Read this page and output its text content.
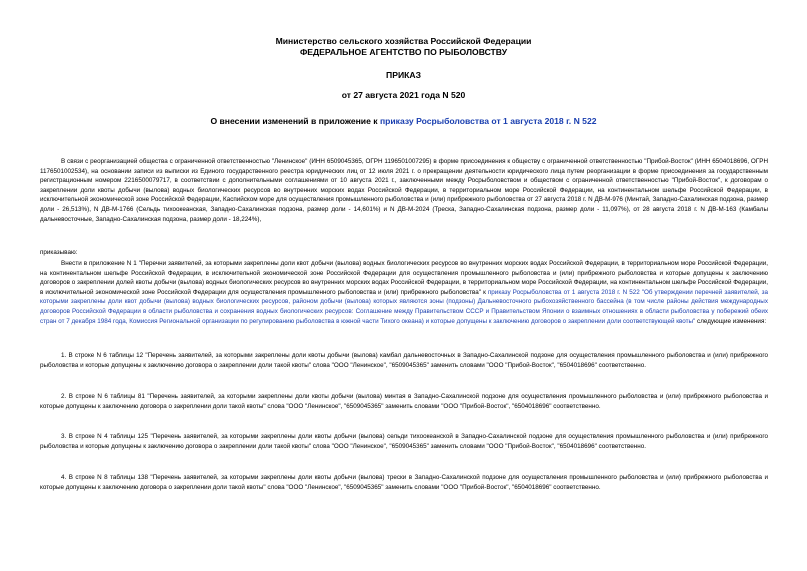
Министерство сельского хозяйства Российской Федерации
ФЕДЕРАЛЬНОЕ АГЕНТСТВО ПО РЫБОЛОВСТВУ
ПРИКАЗ
от 27 августа 2021 года N 520
О внесении изменений в приложение к приказу Росрыболовства от 1 августа 2018 г. N 522
В связи с реорганизацией общества с ограниченной ответственностью "Ленинское" (ИНН 6509045365, ОГРН 1196501007295) в форме присоединения к обществу с ограниченной ответственностью "Прибой-Восток" (ИНН 6504018696, ОГРН 1176501002534), на основании записи из выписки из Единого государственного реестра юридических лиц от 12 июля 2021 г. о прекращении деятельности юридического лица путем реорганизации в форме присоединения за государственным регистрационным номером 2216500079717, в соответствии с дополнительными соглашениями от 10 августа 2021 г., заключенными между Росрыболовством и обществом с ограниченной ответственностью "Прибой-Восток", к договорам о закреплении доли квоты добычи (вылова) водных биологических ресурсов во внутренних морских водах Российской Федерации, в территориальном море Российской Федерации, на континентальном шельфе Российской Федерации, в исключительной экономической зоне Российской Федерации, Каспийском море для осуществления промышленного рыболовства и (или) прибрежного рыболовства от 27 августа 2018 г. N ДВ-М-976 (Минтай, Западно-Сахалинская подзона, размер доли - 26,513%), N ДВ-М-1766 (Сельдь тихоокеанская, Западно-Сахалинская подзона, размер доли - 14,601%) и N ДВ-М-2024 (Треска, Западно-Сахалинская подзона, размер доли - 11,097%), от 28 августа 2018 г. N ДВ-М-163 (Камбалы дальневосточные, Западно-Сахалинская подзона, размер доли - 18,224%),
приказываю:
Внести в приложение N 1 "Перечни заявителей, за которыми закреплены доли квот добычи (вылова) водных биологических ресурсов во внутренних морских водах Российской Федерации, в территориальном море Российской Федерации, на континентальном шельфе Российской Федерации, в исключительной экономической зоне Российской Федерации для осуществления промышленного рыболовства и (или) прибрежного рыболовства и которые допущены к заключению договоров о закреплении долей квоты добычи (вылова) водных биологических ресурсов во внутренних морских водах Российской Федерации, в территориальном море Российской Федерации, на континентальном шельфе Российской Федерации, в исключительной экономической зоне Российской Федерации для осуществления промышленного рыболовства и (или) прибрежного рыболовства" к приказу Росрыболовства от 1 августа 2018 г. N 522 "Об утверждении перечней заявителей, за которыми закреплены доли квот добычи (вылова) водных биологических ресурсов, районом добычи (вылова) которых являются зоны (подзоны) Дальневосточного рыбохозяйственного бассейна (в том числе районы действия международных договоров Российской Федерации в области рыболовства и сохранения водных биологических ресурсов: Соглашение между Правительством СССР и Правительством Японии о взаимных отношениях в области рыболовства у побережий обеих стран от 7 декабря 1984 года, Комиссия Региональной организации по регулированию рыболовства в южной части Тихого океана) и которые допущены к заключению договоров о закреплении доли соответствующей квоты" следующие изменения:
1. В строке N 6 таблицы 12 "Перечень заявителей, за которыми закреплены доли квоты добычи (вылова) камбал дальневосточных в Западно-Сахалинской подзоне для осуществления промышленного рыболовства и (или) прибрежного рыболовства и которые допущены к заключению договора о закреплении доли такой квоты" слова "ООО "Ленинское", "6509045365" заменить словами "ООО "Прибой-Восток", "6504018696" соответственно.
2. В строке N 6 таблицы 81 "Перечень заявителей, за которыми закреплены доли квоты добычи (вылова) минтая в Западно-Сахалинской подзоне для осуществления промышленного рыболовства и (или) прибрежного рыболовства и которые допущены к заключению договора о закреплении доли такой квоты" слова "ООО "Ленинское", "6509045365" заменить словами "ООО "Прибой-Восток", "6504018696" соответственно.
3. В строке N 4 таблицы 125 "Перечень заявителей, за которыми закреплены доли квоты добычи (вылова) сельди тихоокеанской в Западно-Сахалинской подзоне для осуществления промышленного рыболовства и (или) прибрежного рыболовства и которые допущены к заключению договора о закреплении доли такой квоты" слова "ООО "Ленинское", "6509045365" заменить словами "ООО "Прибой-Восток", "6504018696" соответственно.
4. В строке N 8 таблицы 138 "Перечень заявителей, за которыми закреплены доли квоты добычи (вылова) трески в Западно-Сахалинской подзоне для осуществления промышленного рыболовства и (или) прибрежного рыболовства и которые допущены к заключению договора о закреплении доли такой квоты" слова "ООО "Ленинское", "6509045365" заменить словами "ООО "Прибой-Восток", "6504018696" соответственно.
